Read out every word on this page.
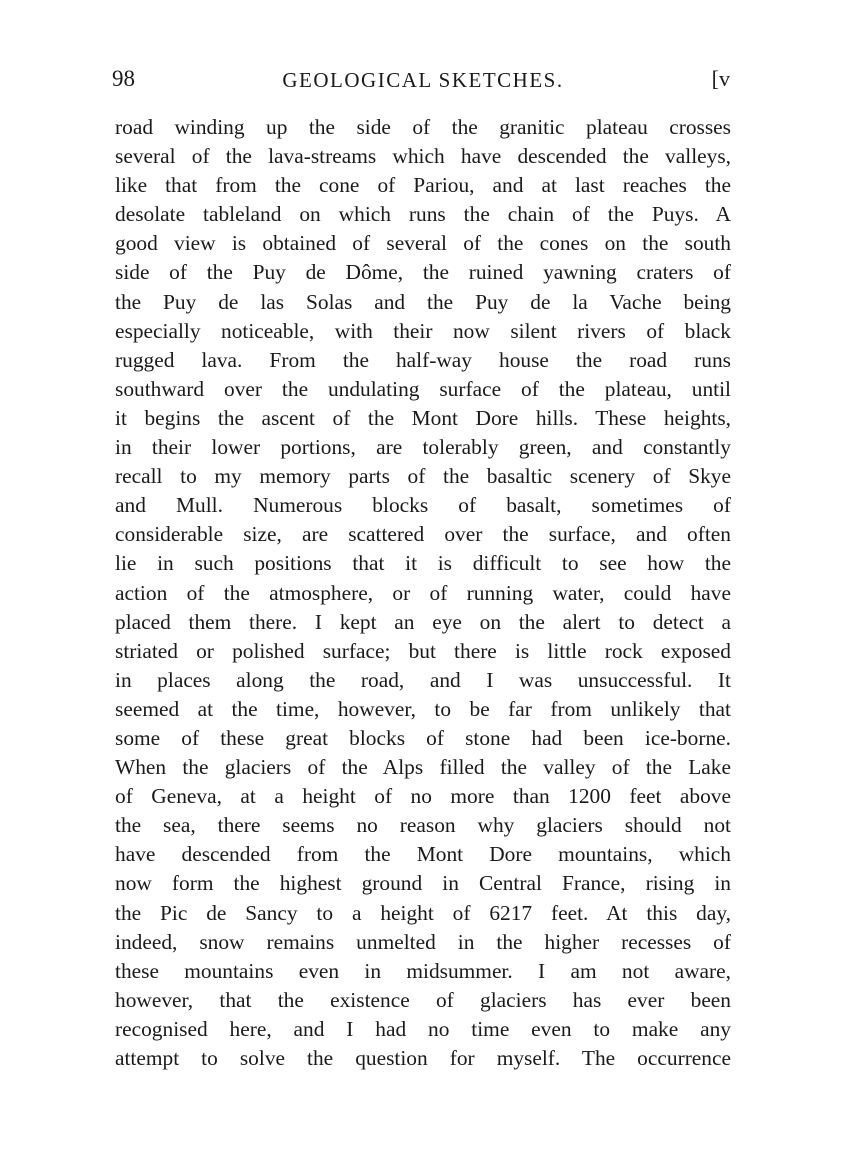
98	GEOLOGICAL SKETCHES.	[v
road winding up the side of the granitic plateau crosses
several of the lava-streams which have descended the valleys,
like that from the cone of Pariou, and at last reaches the
desolate tableland on which runs the chain of the Puys. A
good view is obtained of several of the cones on the south
side of the Puy de Dôme, the ruined yawning craters of
the Puy de las Solas and the Puy de la Vache being
especially noticeable, with their now silent rivers of black
rugged lava. From the half-way house the road runs
southward over the undulating surface of the plateau, until
it begins the ascent of the Mont Dore hills. These heights,
in their lower portions, are tolerably green, and constantly
recall to my memory parts of the basaltic scenery of Skye
and Mull. Numerous blocks of basalt, sometimes of
considerable size, are scattered over the surface, and often
lie in such positions that it is difficult to see how the
action of the atmosphere, or of running water, could have
placed them there. I kept an eye on the alert to detect a
striated or polished surface; but there is little rock exposed
in places along the road, and I was unsuccessful. It
seemed at the time, however, to be far from unlikely that
some of these great blocks of stone had been ice-borne.
When the glaciers of the Alps filled the valley of the Lake
of Geneva, at a height of no more than 1200 feet above
the sea, there seems no reason why glaciers should not
have descended from the Mont Dore mountains, which
now form the highest ground in Central France, rising in
the Pic de Sancy to a height of 6217 feet. At this day,
indeed, snow remains unmelted in the higher recesses of
these mountains even in midsummer. I am not aware,
however, that the existence of glaciers has ever been
recognised here, and I had no time even to make any
attempt to solve the question for myself. The occurrence
